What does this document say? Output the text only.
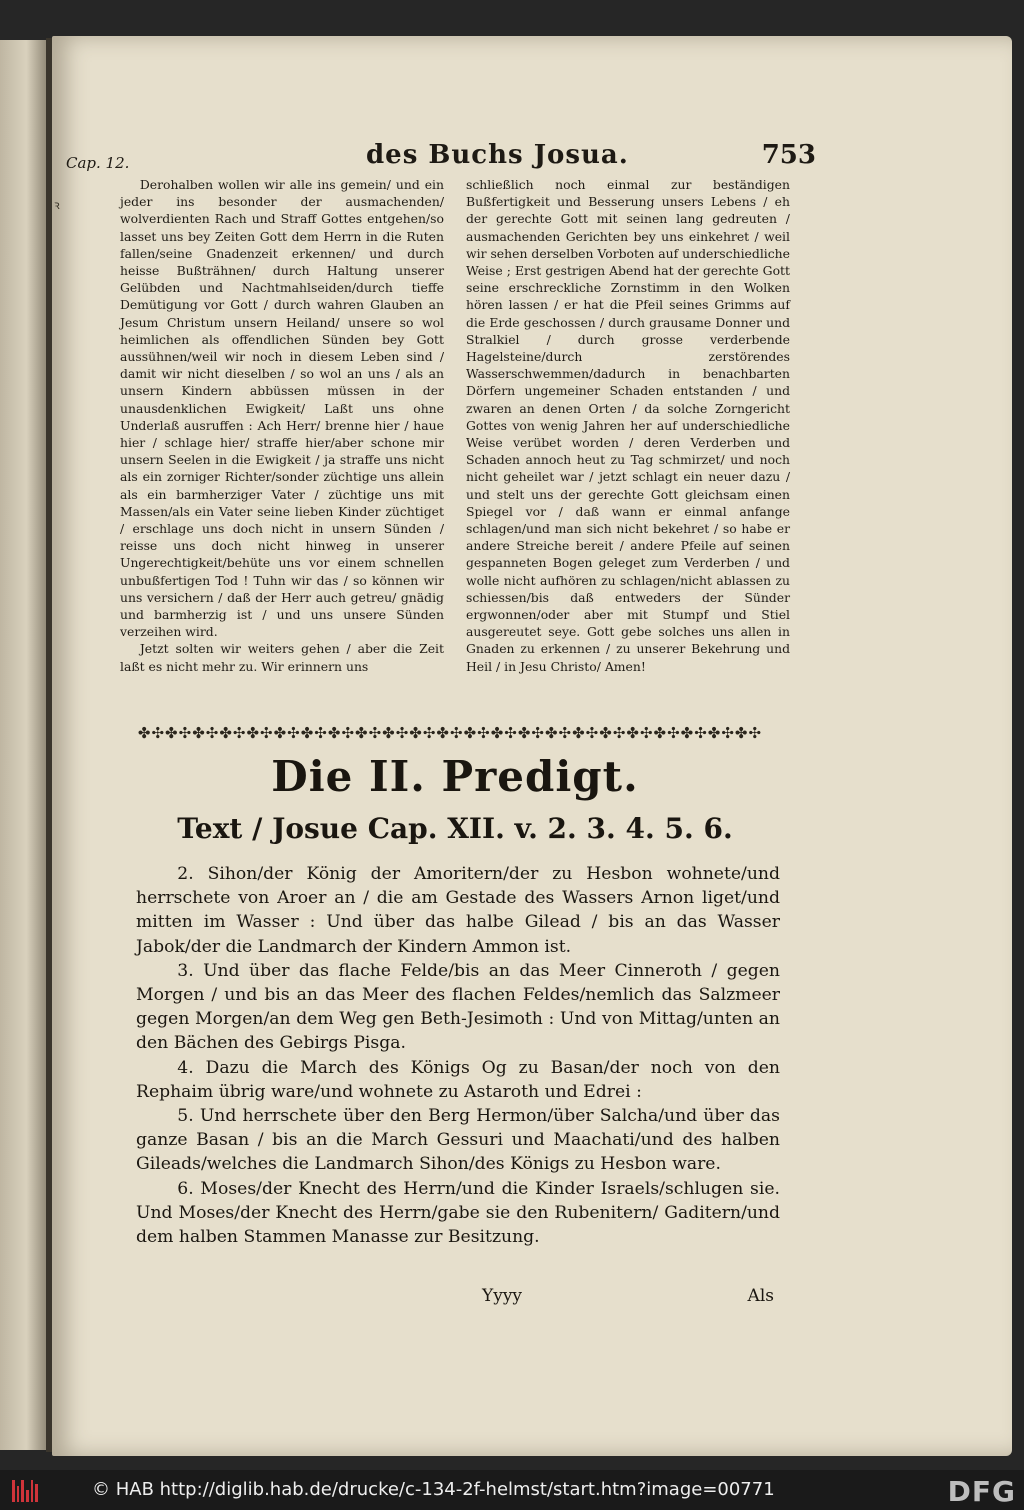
ꝛ
Cap. 12.	des Buchs Josua.	753

Derohalben wollen wir alle ins gemein/ und ein jeder ins besonder der ausmachenden/ wolverdienten Rach und Straff Gottes entgehen/so lasset uns bey Zeiten Gott dem Herrn in die Ruten fallen/seine Gnadenzeit erkennen/ und durch heisse Bußträhnen/ durch Haltung unserer Gelübden und Nachtmahlseiden/durch tieffe Demütigung vor Gott / durch wahren Glauben an Jesum Christum unsern Heiland/ unsere so wol heimlichen als offendlichen Sünden bey Gott aussühnen/weil wir noch in diesem Leben sind / damit wir nicht dieselben / so wol an uns / als an unsern Kindern abbüssen müssen in der unausdenklichen Ewigkeit/ Laßt uns ohne Underlaß ausruffen : Ach Herr/ brenne hier / haue hier / schlage hier/ straffe hier/aber schone mir unsern Seelen in die Ewigkeit / ja straffe uns nicht als ein zorniger Richter/sonder züchtige uns allein als ein barmherziger Vater / züchtige uns mit Massen/als ein Vater seine lieben Kinder züchtiget / erschlage uns doch nicht in unsern Sünden / reisse uns doch nicht hinweg in unserer Ungerechtigkeit/behüte uns vor einem schnellen unbußfertigen Tod ! Tuhn wir das / so können wir uns versichern / daß der Herr auch getreu/ gnädig und barmherzig ist / und uns unsere Sünden verzeihen wird.

Jetzt solten wir weiters gehen / aber die Zeit laßt es nicht mehr zu. Wir erinnern uns

schließlich noch einmal zur beständigen Bußfertigkeit und Besserung unsers Lebens / eh der gerechte Gott mit seinen lang gedreuten / ausmachenden Gerichten bey uns einkehret / weil wir sehen derselben Vorboten auf underschiedliche Weise ; Erst gestrigen Abend hat der gerechte Gott seine erschreckliche Zornstimm in den Wolken hören lassen / er hat die Pfeil seines Grimms auf die Erde geschossen / durch grausame Donner und Stralkiel / durch grosse verderbende Hagelsteine/durch zerstörendes Wasserschwemmen/dadurch in benachbarten Dörfern ungemeiner Schaden entstanden / und zwaren an denen Orten / da solche Zorngericht Gottes von wenig Jahren her auf underschiedliche Weise verübet worden / deren Verderben und Schaden annoch heut zu Tag schmirzet/ und noch nicht geheilet war / jetzt schlagt ein neuer dazu / und stelt uns der gerechte Gott gleichsam einen Spiegel vor / daß wann er einmal anfange schlagen/und man sich nicht bekehret / so habe er andere Streiche bereit / andere Pfeile auf seinen gespanneten Bogen geleget zum Verderben / und wolle nicht aufhören zu schlagen/nicht ablassen zu schiessen/bis daß entweders der Sünder ergwonnen/oder aber mit Stumpf und Stiel ausgereutet seye. Gott gebe solches uns allen in Gnaden zu erkennen / zu unserer Bekehrung und Heil / in Jesu Christo/ Amen!

✤✣✤✣✤✣✤✣✤✣✤✣✤✣✤✣✤✣✤✣✤✣✤✣✤✣✤✣✤✣✤✣✤✣✤✣✤✣✤✣✤✣✤✣✤✣
Die II. Predigt.
Text / Josue Cap. XII. v. 2. 3. 4. 5. 6.

2. Sihon/der König der Amoritern/der zu Hesbon wohnete/und herrschete von Aroer an / die am Gestade des Wassers Arnon liget/und mitten im Wasser : Und über das halbe Gilead / bis an das Wasser Jabok/der die Landmarch der Kindern Ammon ist.

3. Und über das flache Felde/bis an das Meer Cinneroth / gegen Morgen / und bis an das Meer des flachen Feldes/nemlich das Salzmeer gegen Morgen/an dem Weg gen Beth-Jesimoth : Und von Mittag/unten an den Bächen des Gebirgs Pisga.

4. Dazu die March des Königs Og zu Basan/der noch von den Rephaim übrig ware/und wohnete zu Astaroth und Edrei :

5. Und herrschete über den Berg Hermon/über Salcha/und über das ganze Basan / bis an die March Gessuri und Maachati/und des halben Gileads/welches die Landmarch Sihon/des Königs zu Hesbon ware.

6. Moses/der Knecht des Herrn/und die Kinder Israels/schlugen sie. Und Moses/der Knecht des Herrn/gabe sie den Rubenitern/ Gaditern/und dem halben Stammen Manasse zur Besitzung.

Yyyy	Als
© HAB http://diglib.hab.de/drucke/c-134-2f-helmst/start.htm?image=00771	DFG
